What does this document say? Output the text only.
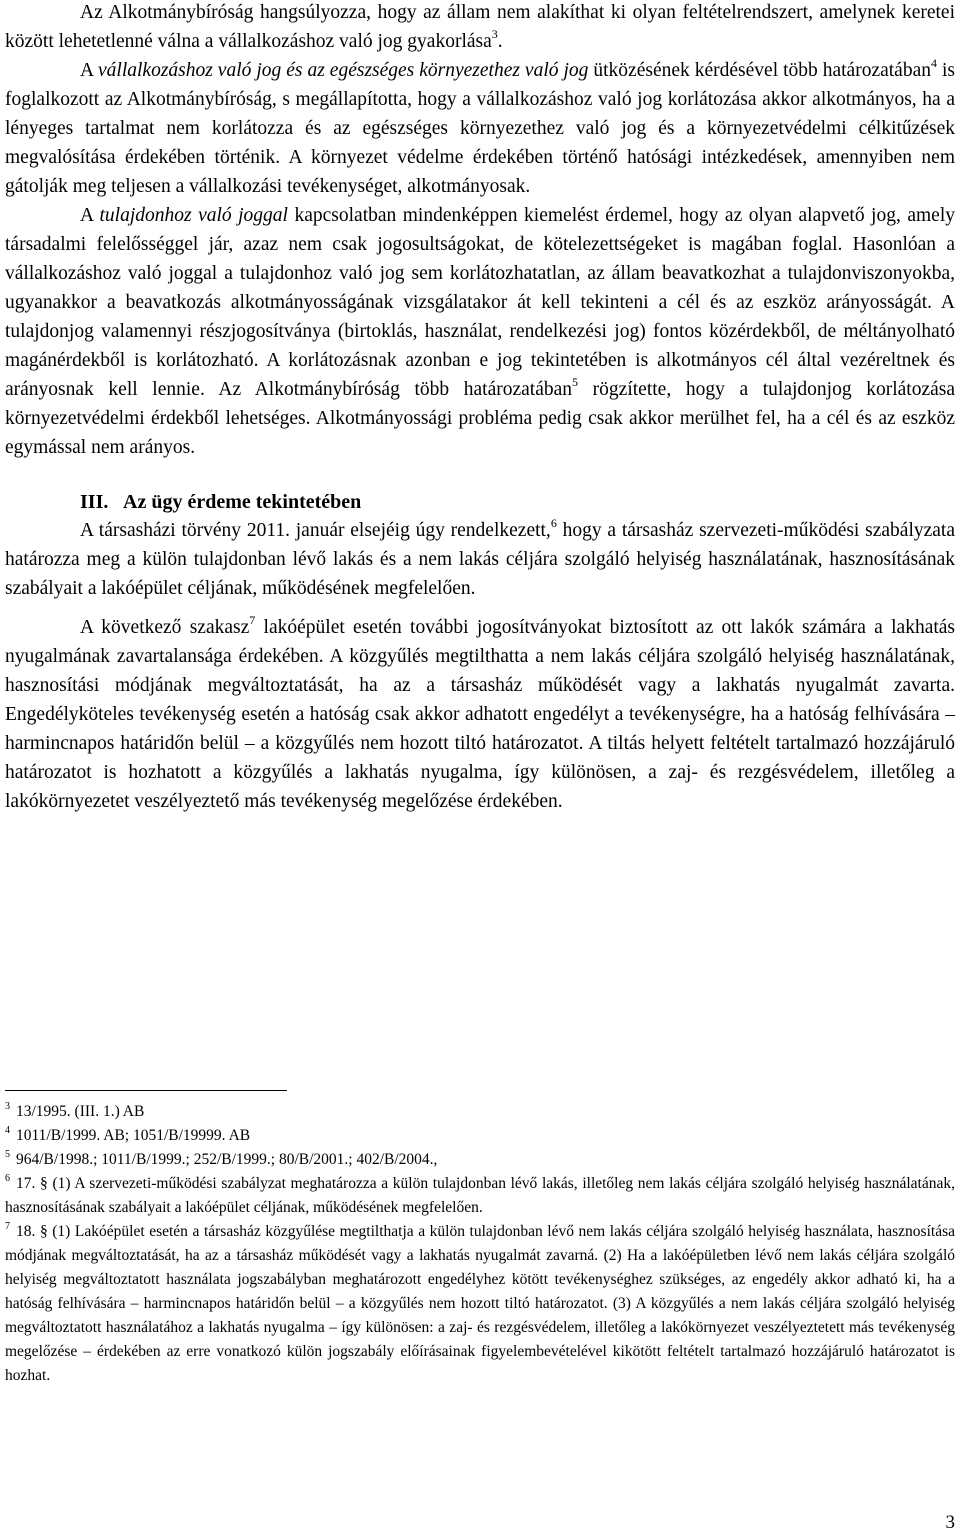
Az Alkotmánybíróság hangsúlyozza, hogy az állam nem alakíthat ki olyan feltételrendszert, amelynek keretei között lehetetlenné válna a vállalkozáshoz való jog gyakorlása$^3$.

A vállalkozáshoz való jog és az egészséges környezethez való jog ütközésének kérdésével több határozatában$^4$ is foglalkozott az Alkotmánybíróság, s megállapította, hogy a vállalkozáshoz való jog korlátozása akkor alkotmányos, ha a lényeges tartalmat nem korlátozza és az egészséges környezethez való jog és a környezetvédelmi célkitűzések megvalósítása érdekében történik. A környezet védelme érdekében történő hatósági intézkedések, amennyiben nem gátolják meg teljesen a vállalkozási tevékenységet, alkotmányosak.

A tulajdonhoz való joggal kapcsolatban mindenképpen kiemelést érdemel, hogy az olyan alapvető jog, amely társadalmi felelősséggel jár, azaz nem csak jogosultságokat, de kötelezettségeket is magában foglal. Hasonlóan a vállalkozáshoz való joggal a tulajdonhoz való jog sem korlátozhatatlan, az állam beavatkozhat a tulajdonviszonyokba, ugyanakkor a beavatkozás alkotmányosságának vizsgálatakor át kell tekinteni a cél és az eszköz arányosságát. A tulajdonjog valamennyi részjogosítványa (birtoklás, használat, rendelkezési jog) fontos közérdekből, de méltányolható magánérdekből is korlátozható. A korlátozásnak azonban e jog tekintetében is alkotmányos cél által vezéreltnek és arányosnak kell lennie. Az Alkotmánybíróság több határozatában$^5$ rögzítette, hogy a tulajdonjog korlátozása környezetvédelmi érdekből lehetséges. Alkotmányossági probléma pedig csak akkor merülhet fel, ha a cél és az eszköz egymással nem arányos.

III. Az ügy érdeme tekintetében

A társasházi törvény 2011. január elsejéig úgy rendelkezett,$^6$ hogy a társasház szervezeti-működési szabályzata határozza meg a külön tulajdonban lévő lakás és a nem lakás céljára szolgáló helyiség használatának, hasznosításának szabályait a lakóépület céljának, működésének megfelelően.

A következő szakasz$^7$ lakóépület esetén további jogosítványokat biztosított az ott lakók számára a lakhatás nyugalmának zavartalansága érdekében. A közgyűlés megtilthatta a nem lakás céljára szolgáló helyiség használatának, hasznosítási módjának megváltoztatását, ha az a társasház működését vagy a lakhatás nyugalmát zavarta. Engedélyköteles tevékenység esetén a hatóság csak akkor adhatott engedélyt a tevékenységre, ha a hatóság felhívására – harmincnapos határidőn belül – a közgyűlés nem hozott tiltó határozatot. A tiltás helyett feltételt tartalmazó hozzájáruló határozatot is hozhatott a közgyűlés a lakhatás nyugalma, így különösen, a zaj- és rezgésvédelem, illetőleg a lakókörnyezetet veszélyeztető más tevékenység megelőzése érdekében.

$^3$ 13/1995. (III. 1.) AB

$^4$ 1011/B/1999. AB; 1051/B/19999. AB

$^5$ 964/B/1998.; 1011/B/1999.; 252/B/1999.; 80/B/2001.; 402/B/2004.,

$^6$ 17. § (1) A szervezeti-működési szabályzat meghatározza a külön tulajdonban lévő lakás, illetőleg nem lakás céljára szolgáló helyiség használatának, hasznosításának szabályait a lakóépület céljának, működésének megfelelően.

$^7$ 18. § (1) Lakóépület esetén a társasház közgyűlése megtilthatja a külön tulajdonban lévő nem lakás céljára szolgáló helyiség használata, hasznosítása módjának megváltoztatását, ha az a társasház működését vagy a lakhatás nyugalmát zavarná. (2) Ha a lakóépületben lévő nem lakás céljára szolgáló helyiség megváltoztatott használata jogszabályban meghatározott engedélyhez kötött tevékenységhez szükséges, az engedély akkor adható ki, ha a hatóság felhívására – harmincnapos határidőn belül – a közgyűlés nem hozott tiltó határozatot. (3) A közgyűlés a nem lakás céljára szolgáló helyiség megváltoztatott használatához a lakhatás nyugalma – így különösen: a zaj- és rezgésvédelem, illetőleg a lakókörnyezet veszélyeztetett más tevékenység megelőzése – érdekében az erre vonatkozó külön jogszabály előírásainak figyelembevételével kikötött feltételt tartalmazó hozzájáruló határozatot is hozhat.

3
